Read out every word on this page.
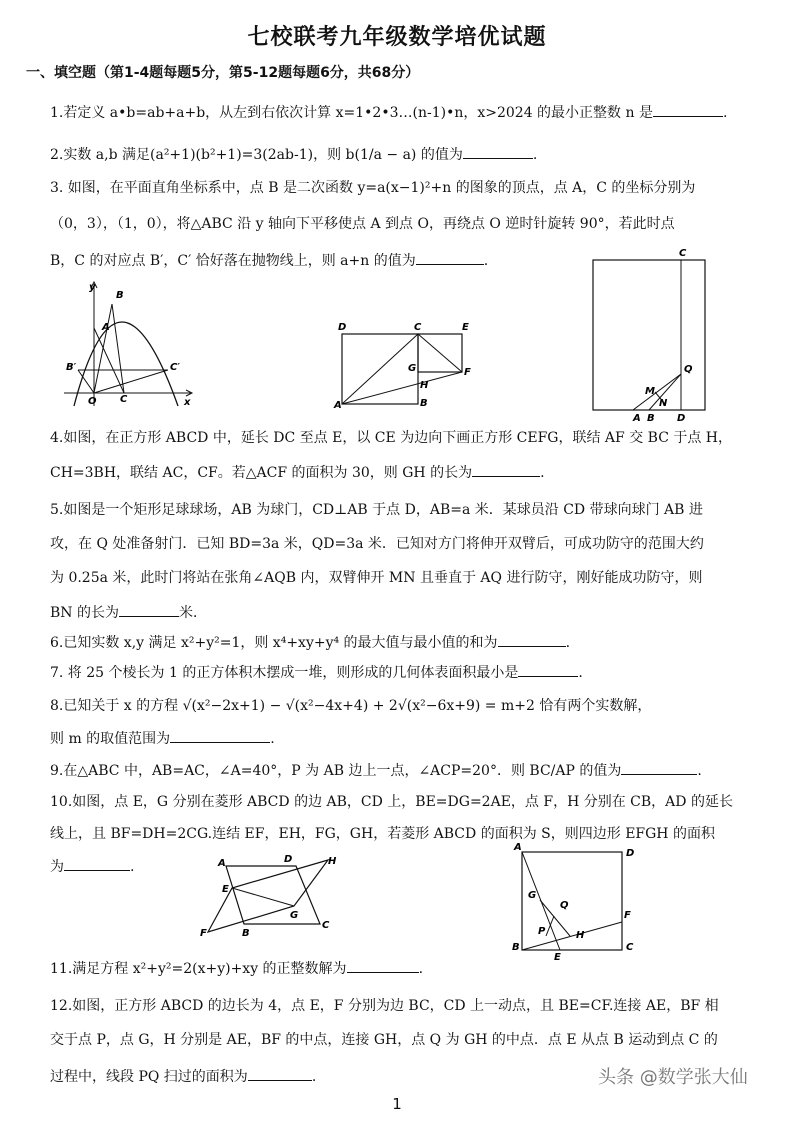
七校联考九年级数学培优试题
一、填空题（第1-4题每题5分，第5-12题每题6分，共68分）
1.若定义 a•b=ab+a+b，从左到右依次计算 x=1•2•3…(n-1)•n，x>2024 的最小正整数 n 是	.
2.实数 a,b 满足(a²+1)(b²+1)=3(2ab-1)，则 b(1/a − a) 的值为	.
3. 如图，在平面直角坐标系中，点 B 是二次函数 y=a(x−1)²+n 的图象的顶点，点 A，C 的坐标分别为
（0，3），（1，0），将△ABC 沿 y 轴向下平移使点 A 到点 O，再绕点 O 逆时针旋转 90°，若此时点
B，C 的对应点 B′，C′ 恰好落在抛物线上，则 a+n 的值为	.
y
x
B
A
B′	C′
O C
D	C	E
G	F
H
A	B
C
Q
M
N
A B D
4.如图，在正方形 ABCD 中，延长 DC 至点 E，以 CE 为边向下画正方形 CEFG，联结 AF 交 BC 于点 H，
CH=3BH，联结 AC，CF。若△ACF 的面积为 30，则 GH 的长为	.
5.如图是一个矩形足球球场，AB 为球门，CD⊥AB 于点 D，AB=a 米．某球员沿 CD 带球向球门 AB 进
攻，在 Q 处准备射门．已知 BD=3a 米，QD=3a 米．已知对方门将伸开双臂后，可成功防守的范围大约
为 0.25a 米，此时门将站在张角∠AQB 内，双臂伸开 MN 且垂直于 AQ 进行防守，刚好能成功防守，则
BN 的长为	米．
6.已知实数 x,y 满足 x²+y²=1，则 x⁴+xy+y⁴ 的最大值与最小值的和为	.
7. 将 25 个棱长为 1 的正方体积木摆成一堆，则形成的几何体表面积最小是	.
8.已知关于 x 的方程 √(x²−2x+1) − √(x²−4x+4) + 2√(x²−6x+9) = m+2 恰有两个实数解，
则 m 的取值范围为	.
9.在△ABC 中，AB=AC，∠A=40°，P 为 AB 边上一点，∠ACP=20°．则 BC/AP 的值为	.
10.如图，点 E，G 分别在菱形 ABCD 的边 AB，CD 上，BE=DG=2AE，点 F，H 分别在 CB，AD 的延长
线上，且 BF=DH=2CG.连结 EF，EH，FG，GH，若菱形 ABCD 的面积为 S，则四边形 EFGH 的面积
为	.	A	D	H
E
G
F	B
C
A
D
G
Q
F
P	H
B
E
C
11.满足方程 x²+y²=2(x+y)+xy 的正整数解为	.
12.如图，正方形 ABCD 的边长为 4，点 E，F 分别为边 BC，CD 上一动点，且 BE=CF.连接 AE，BF 相
交于点 P，点 G，H 分别是 AE，BF 的中点，连接 GH，点 Q 为 GH 的中点．点 E 从点 B 运动到点 C 的
过程中，线段 PQ 扫过的面积为	.	头条 @数学张大仙
1
